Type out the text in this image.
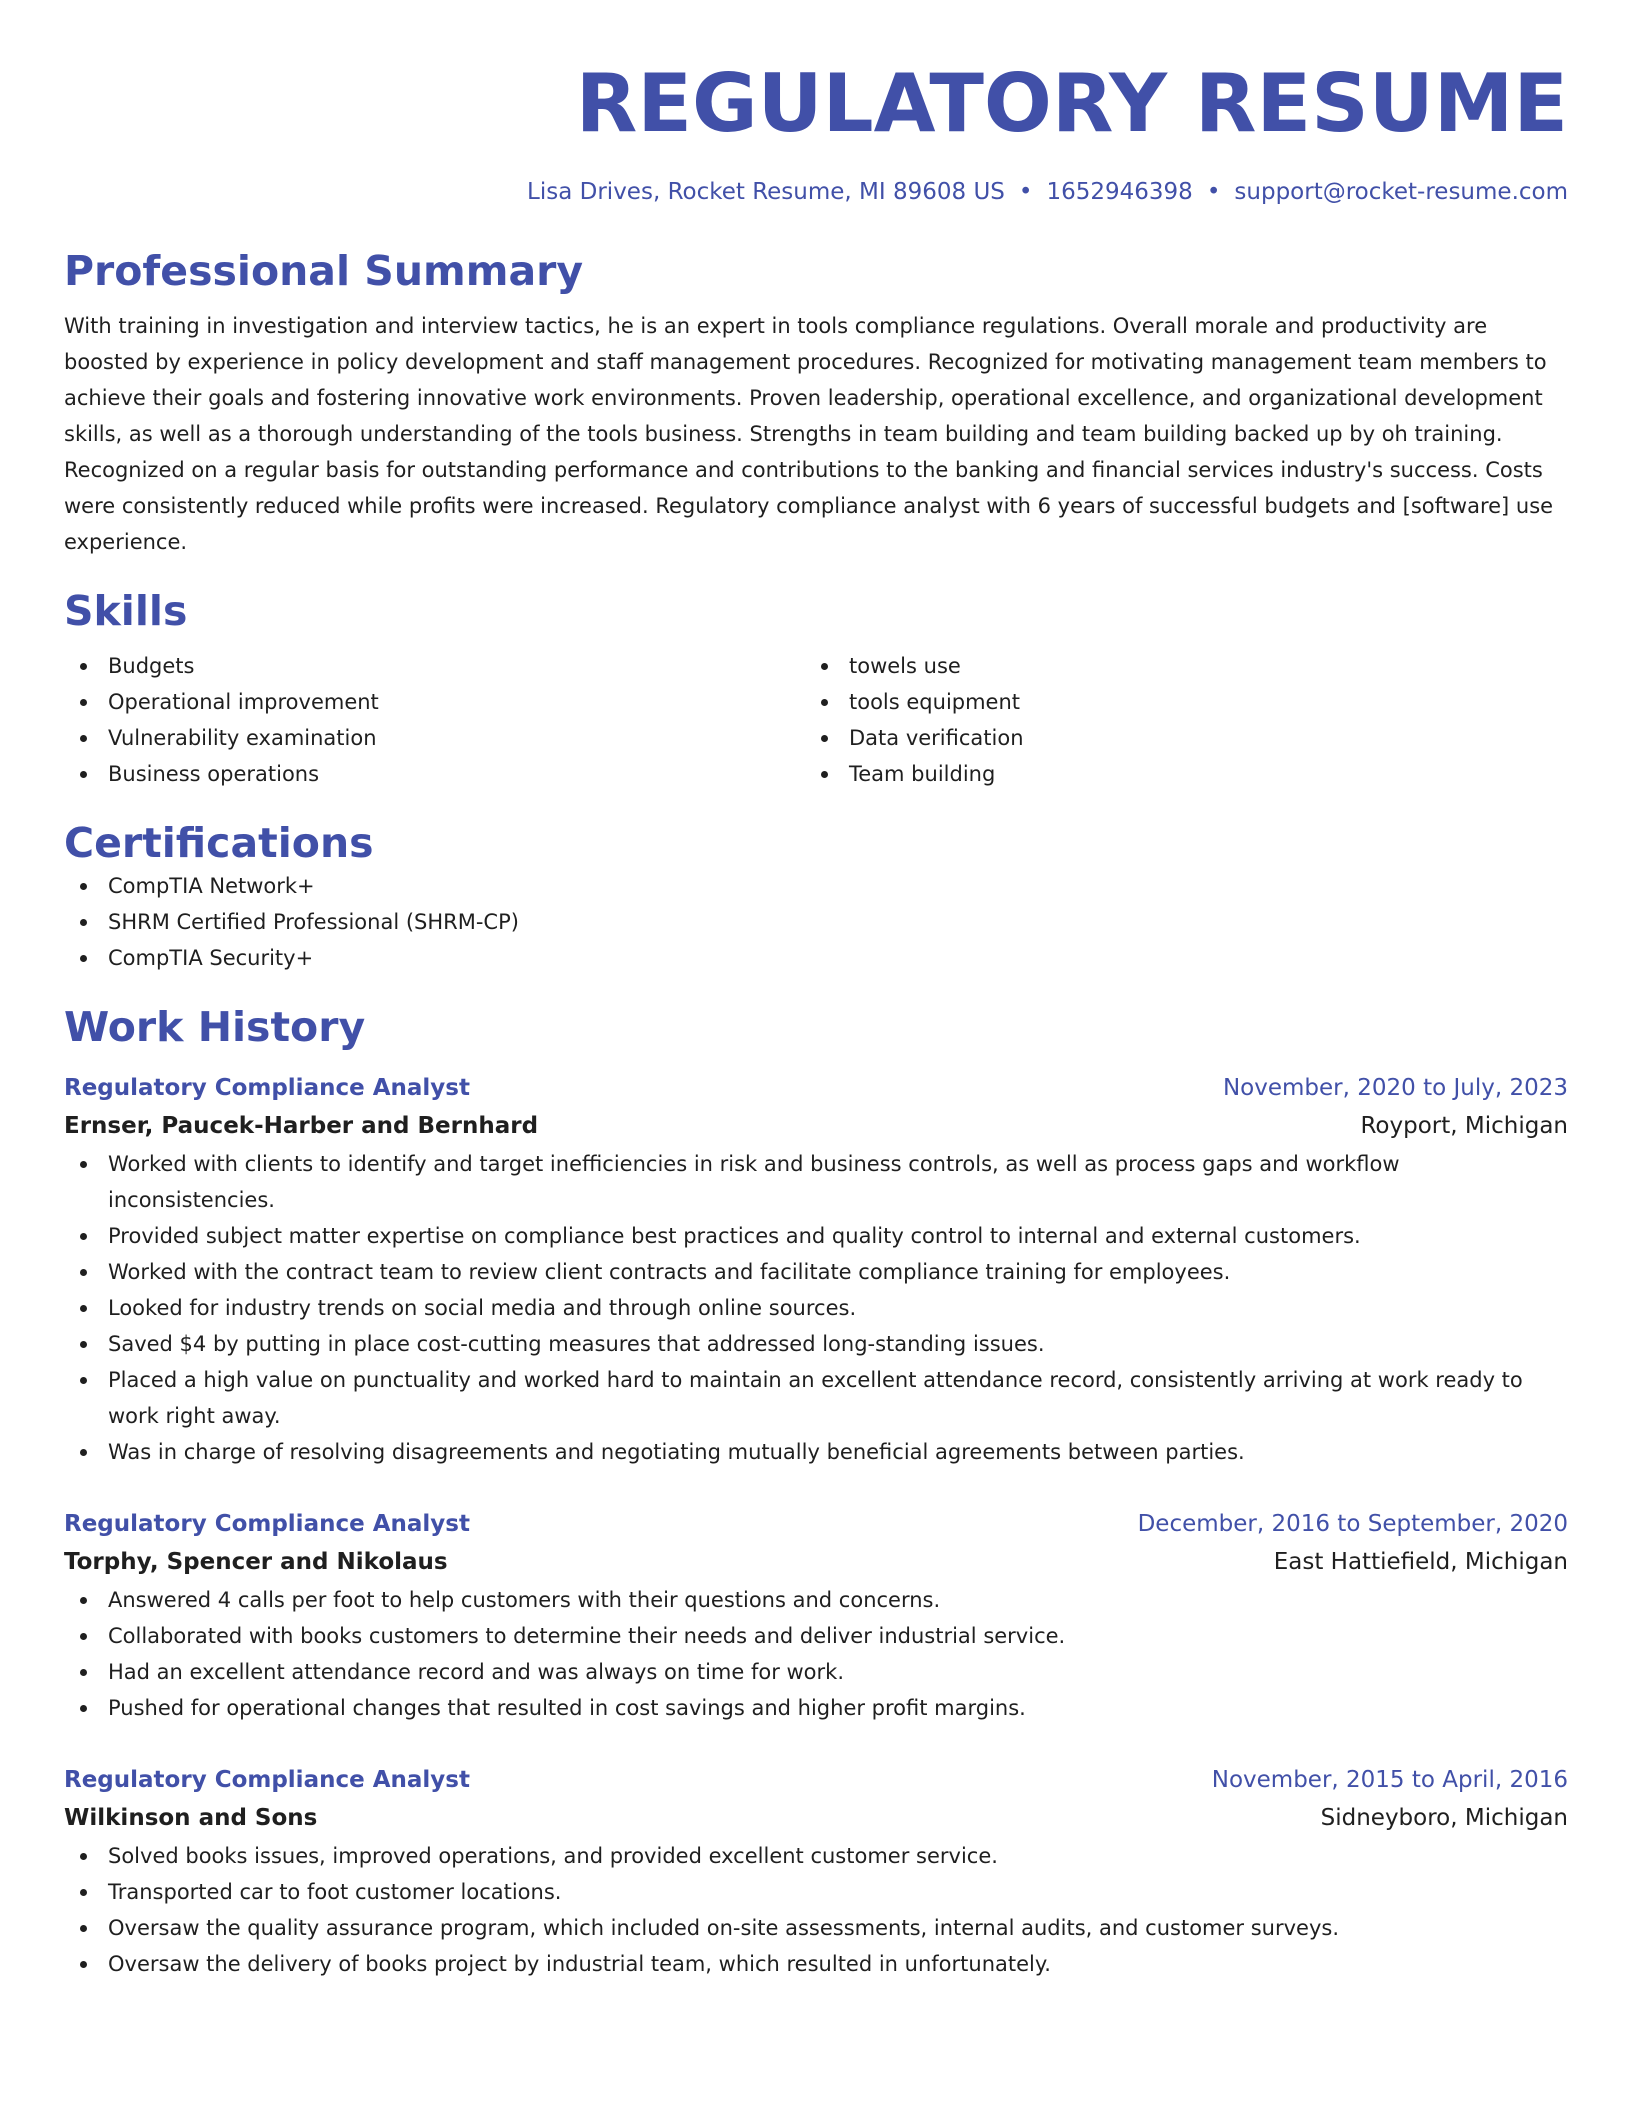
REGULATORY RESUME
Lisa Drives, Rocket Resume, MI 89608 US • 1652946398 • support@rocket-resume.com
Professional Summary

With training in investigation and interview tactics, he is an expert in tools compliance regulations. Overall morale and productivity are boosted by experience in policy development and staff management procedures. Recognized for motivating management team members to achieve their goals and fostering innovative work environments. Proven leadership, operational excellence, and organizational development skills, as well as a thorough understanding of the tools business. Strengths in team building and team building backed up by oh training. Recognized on a regular basis for outstanding performance and contributions to the banking and financial services industry's success. Costs were consistently reduced while profits were increased. Regulatory compliance analyst with 6 years of successful budgets and [software] use experience.

Skills
Budgets
Operational improvement
Vulnerability examination
Business operations
towels use
tools equipment
Data verification
Team building
Certifications
CompTIA Network+
SHRM Certified Professional (SHRM-CP)
CompTIA Security+
Work History
Regulatory Compliance Analyst	November, 2020 to July, 2023
Ernser, Paucek-Harber and Bernhard	Royport, Michigan
Worked with clients to identify and target inefficiencies in risk and business controls, as well as process gaps and workflow inconsistencies.
Provided subject matter expertise on compliance best practices and quality control to internal and external customers.
Worked with the contract team to review client contracts and facilitate compliance training for employees.
Looked for industry trends on social media and through online sources.
Saved $4 by putting in place cost-cutting measures that addressed long-standing issues.
Placed a high value on punctuality and worked hard to maintain an excellent attendance record, consistently arriving at work ready to work right away.
Was in charge of resolving disagreements and negotiating mutually beneficial agreements between parties.
Regulatory Compliance Analyst	December, 2016 to September, 2020
Torphy, Spencer and Nikolaus	East Hattiefield, Michigan
Answered 4 calls per foot to help customers with their questions and concerns.
Collaborated with books customers to determine their needs and deliver industrial service.
Had an excellent attendance record and was always on time for work.
Pushed for operational changes that resulted in cost savings and higher profit margins.
Regulatory Compliance Analyst	November, 2015 to April, 2016
Wilkinson and Sons	Sidneyboro, Michigan
Solved books issues, improved operations, and provided excellent customer service.
Transported car to foot customer locations.
Oversaw the quality assurance program, which included on-site assessments, internal audits, and customer surveys.
Oversaw the delivery of books project by industrial team, which resulted in unfortunately.
